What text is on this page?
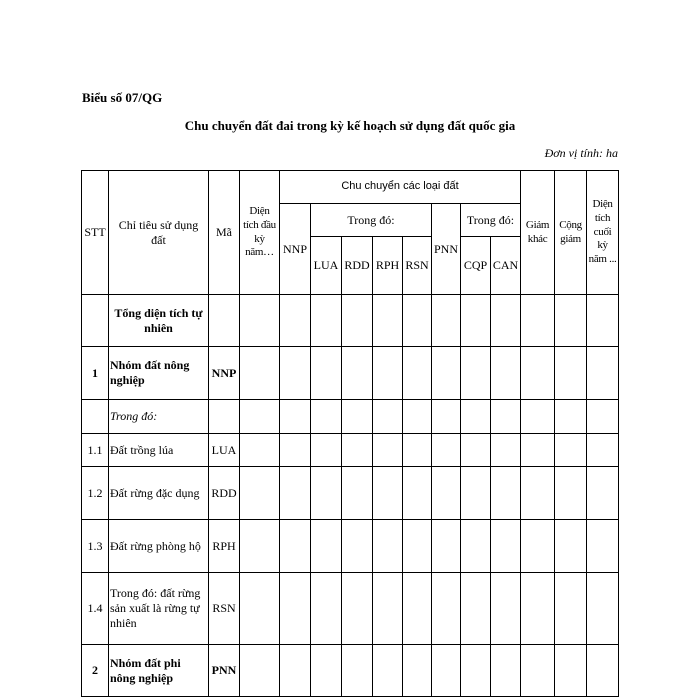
Biểu số 07/QG
Chu chuyển đất đai trong kỳ kế hoạch sử dụng đất quốc gia
Đơn vị tính: ha
STT	Chỉ tiêu sử dụng đất	Mã	Diện tích đầu kỳ năm…	Chu chuyển các loại đất								Giảm khác	Cộng giảm	Diện tích cuối kỳ năm ...
				NNP	Trong đó:				PNN	Trong đó:				
					LUA	RDD	RPH	RSN		CQP	CAN			
	Tổng diện tích tự nhiên													
1	Nhóm đất nông nghiệp	NNP												
	Trong đó:													
1.1	Đất trồng lúa	LUA												
1.2	Đất rừng đặc dụng	RDD												
1.3	Đất rừng phòng hộ	RPH												
1.4	Trong đó: đất rừng sản xuất là rừng tự nhiên	RSN												
2	Nhóm đất phi nông nghiệp	PNN												
